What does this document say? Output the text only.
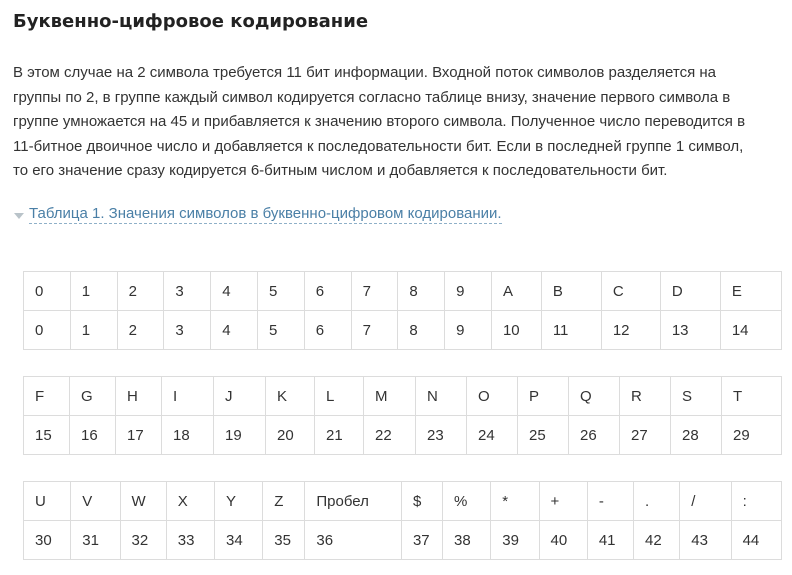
Буквенно-цифровое кодирование
В этом случае на 2 символа требуется 11 бит информации. Входной поток символов разделяется на
группы по 2, в группе каждый символ кодируется согласно таблице внизу, значение первого символа в
группе умножается на 45 и прибавляется к значению второго символа. Полученное число переводится в
11-битное двоичное число и добавляется к последовательности бит. Если в последней группе 1 символ,
то его значение сразу кодируется 6-битным числом и добавляется к последовательности бит.
Таблица 1. Значения символов в буквенно-цифровом кодировании.
0	1	2	3	4	5	6	7	8	9	A	B	C	D	E
0	1	2	3	4	5	6	7	8	9	10	11	12	13	14
F	G	H	I	J	K	L	M	N	O	P	Q	R	S	T
15	16	17	18	19	20	21	22	23	24	25	26	27	28	29
U	V	W	X	Y	Z	Пробел	$	%	*	+	-	.	/	:
30	31	32	33	34	35	36	37	38	39	40	41	42	43	44
